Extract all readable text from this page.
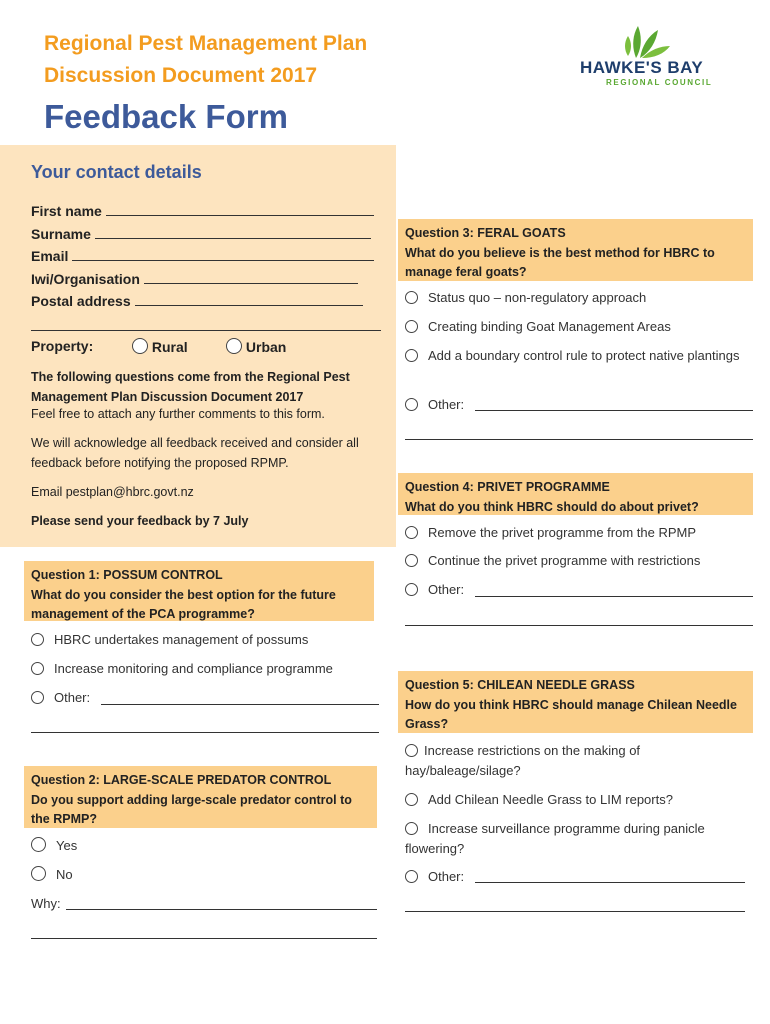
Regional Pest Management Plan
Discussion Document 2017
Feedback Form
HAWKE'S BAY
REGIONAL COUNCIL
Your contact details
First name
Surname
Email
Iwi/Organisation
Postal address
Property:	Rural	Urban
The following questions come from the Regional Pest Management Plan Discussion Document 2017
Feel free to attach any further comments to this form.
We will acknowledge all feedback received and consider all feedback before notifying the proposed RPMP.
Email pestplan@hbrc.govt.nz
Please send your feedback by 7 July
Question 1: POSSUM CONTROL
What do you consider the best option for the future management of the PCA programme?
HBRC undertakes management of possums
Increase monitoring and compliance programme
Other:
Question 2: LARGE-SCALE PREDATOR CONTROL
Do you support adding large-scale predator control to the RPMP?
Yes
No
Why:
Question 3: FERAL GOATS
What do you believe is the best method for HBRC to manage feral goats?
Status quo – non-regulatory approach
Creating binding Goat Management Areas
Add a boundary control rule to protect native plantings
Other:
Question 4: PRIVET PROGRAMME
What do you think HBRC should do about privet?
Remove the privet programme from the RPMP
Continue the privet programme with restrictions
Other:
Question 5: CHILEAN NEEDLE GRASS
How do you think HBRC should manage Chilean Needle Grass?
Increase restrictions on the making of hay/baleage/silage?
Add Chilean Needle Grass to LIM reports?
Increase surveillance programme during panicle flowering?
Other:
